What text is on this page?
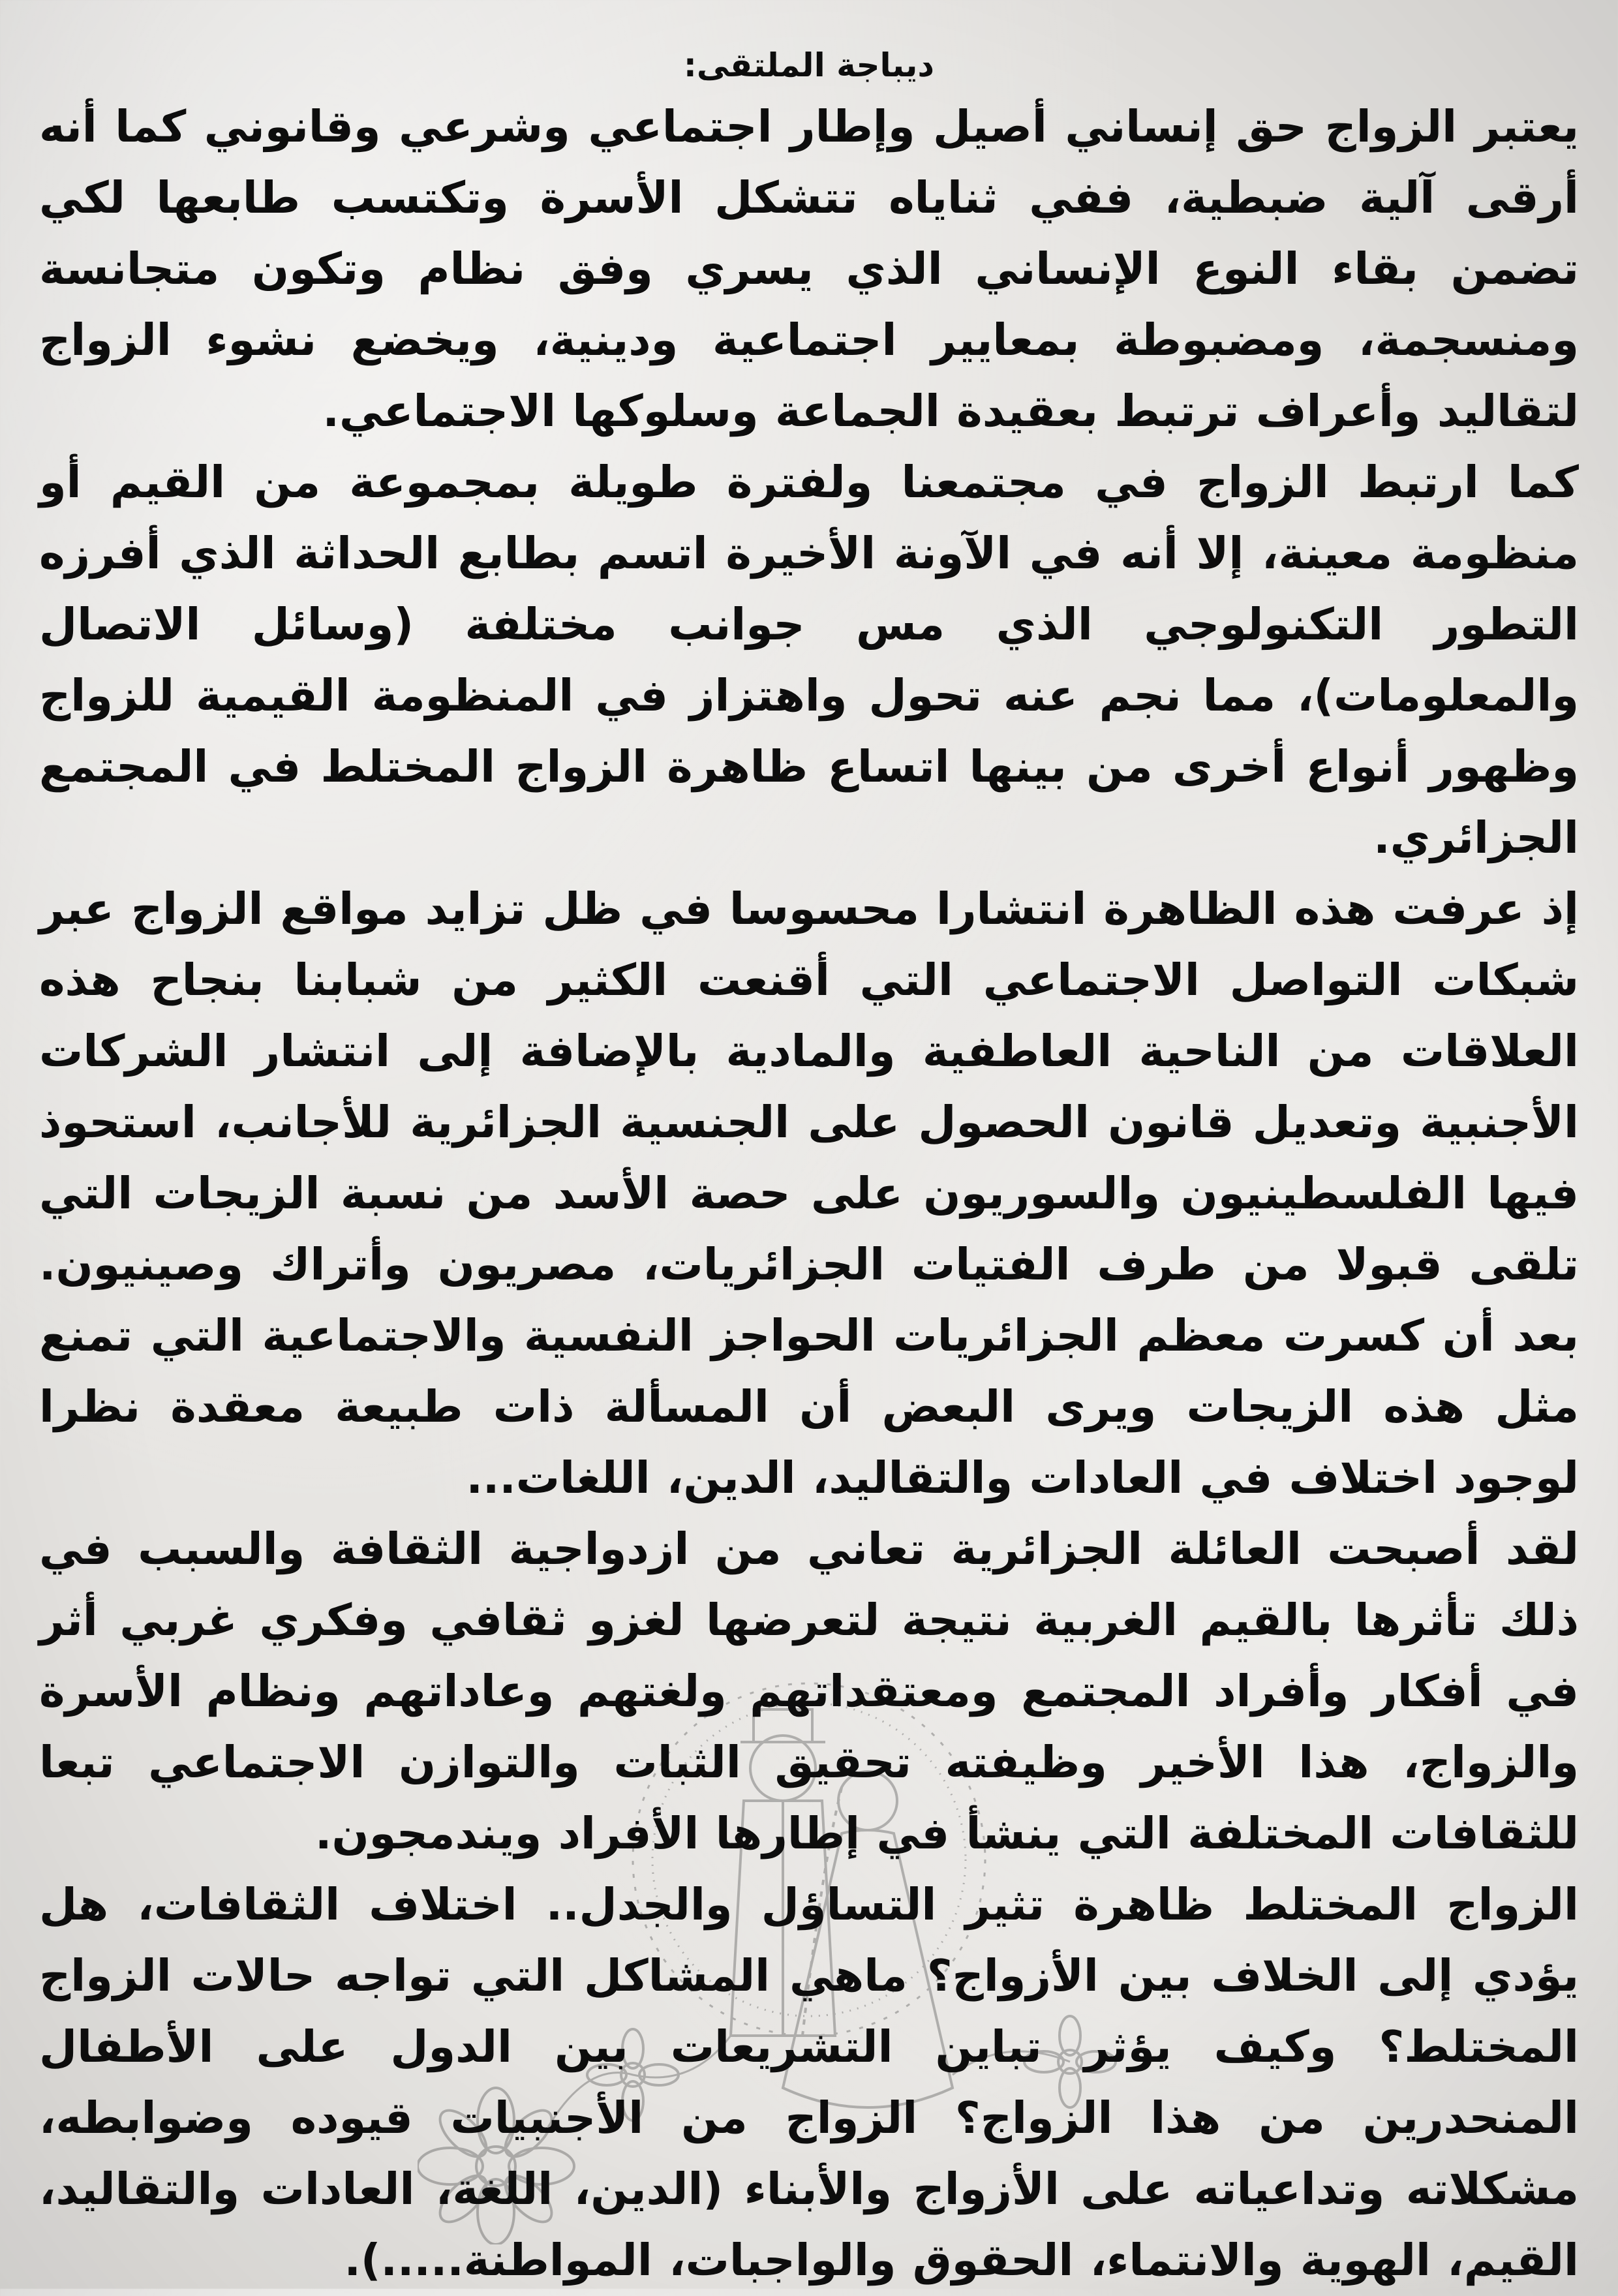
ديباجة الملتقى:

يعتبر الزواج حق إنساني أصيل وإطار اجتماعي وشرعي وقانوني كما أنه أرقى آلية ضبطية، ففي ثناياه تتشكل الأسرة وتكتسب طابعها لكي تضمن بقاء النوع الإنساني الذي يسري وفق نظام وتكون متجانسة ومنسجمة، ومضبوطة بمعايير اجتماعية ودينية، ويخضع نشوء الزواج لتقاليد وأعراف ترتبط بعقيدة الجماعة وسلوكها الاجتماعي.

كما ارتبط الزواج في مجتمعنا ولفترة طويلة بمجموعة من القيم أو منظومة معينة، إلا أنه في الآونة الأخيرة اتسم بطابع الحداثة الذي أفرزه التطور التكنولوجي الذي مس جوانب مختلفة (وسائل الاتصال والمعلومات)، مما نجم عنه تحول واهتزاز في المنظومة القيمية للزواج وظهور أنواع أخرى من بينها اتساع ظاهرة الزواج المختلط في المجتمع الجزائري.

إذ عرفت هذه الظاهرة انتشارا محسوسا في ظل تزايد مواقع الزواج عبر شبكات التواصل الاجتماعي التي أقنعت الكثير من شبابنا بنجاح هذه العلاقات من الناحية العاطفية والمادية بالإضافة إلى انتشار الشركات الأجنبية وتعديل قانون الحصول على الجنسية الجزائرية للأجانب، استحوذ فيها الفلسطينيون والسوريون على حصة الأسد من نسبة الزيجات التي تلقى قبولا من طرف الفتيات الجزائريات، مصريون وأتراك وصينيون. بعد أن كسرت معظم الجزائريات الحواجز النفسية والاجتماعية التي تمنع مثل هذه الزيجات ويرى البعض أن المسألة ذات طبيعة معقدة نظرا لوجود اختلاف في العادات والتقاليد، الدين، اللغات...

لقد أصبحت العائلة الجزائرية تعاني من ازدواجية الثقافة والسبب في ذلك تأثرها بالقيم الغربية نتيجة لتعرضها لغزو ثقافي وفكري غربي أثر في أفكار وأفراد المجتمع ومعتقداتهم ولغتهم وعاداتهم ونظام الأسرة والزواج، هذا الأخير وظيفته تحقيق الثبات والتوازن الاجتماعي تبعا للثقافات المختلفة التي ينشأ في إطارها الأفراد ويندمجون.

الزواج المختلط ظاهرة تثير التساؤل والجدل.. اختلاف الثقافات، هل يؤدي إلى الخلاف بين الأزواج؟ ماهي المشاكل التي تواجه حالات الزواج المختلط؟ وكيف يؤثر تباين التشريعات بين الدول على الأطفال المنحدرين من هذا الزواج؟ الزواج من الأجنبيات قيوده وضوابطه، مشكلاته وتداعياته على الأزواج والأبناء (الدين، اللغة، العادات والتقاليد، القيم، الهوية والانتماء، الحقوق والواجبات، المواطنة.....).
